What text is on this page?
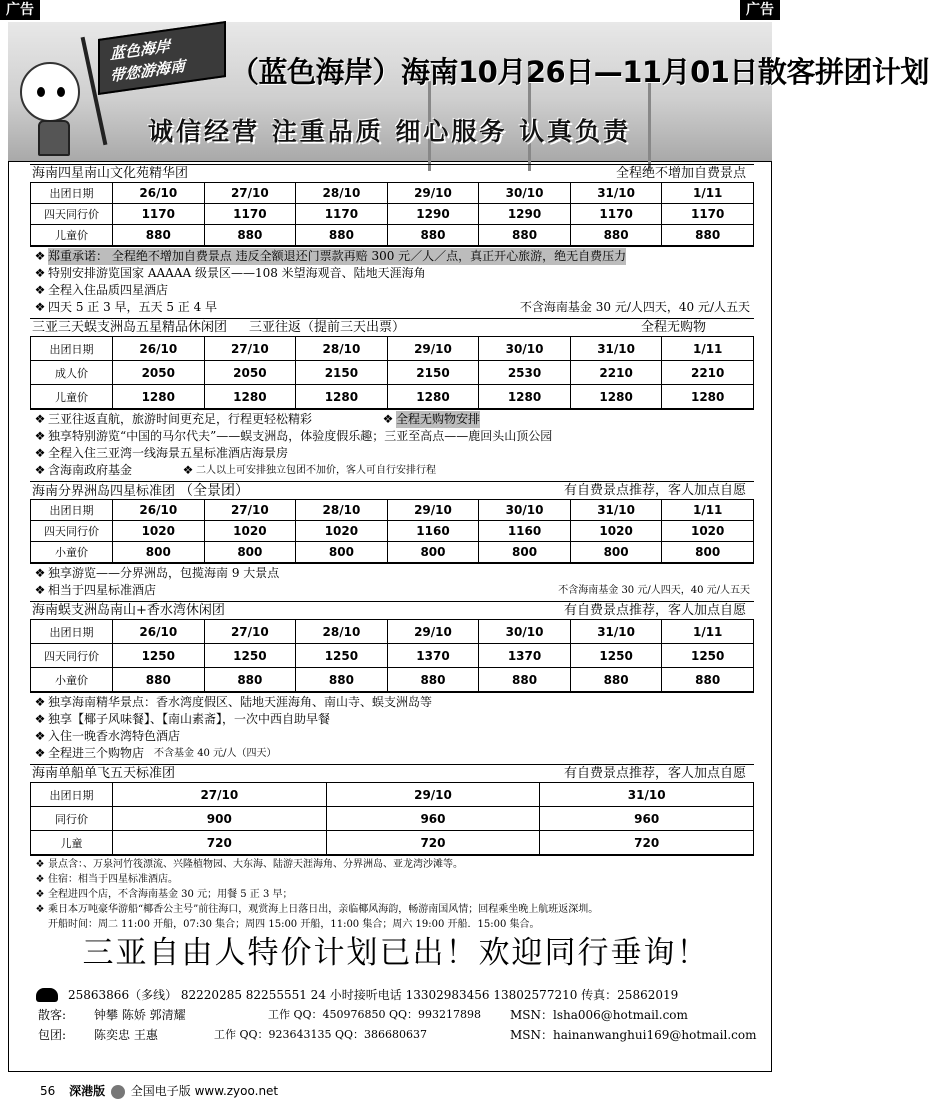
广告	广告
蓝色海岸
带您游海南	（蓝色海岸）海南10月26日—11月01日散客拼团计划
诚信经营 注重品质 细心服务 认真负责
海南四星南山文化苑精华团	全程绝不增加自费景点
出团日期	26/10	27/10	28/10	29/10	30/10	31/10	1/11
四天同行价	1170	1170	1170	1290	1290	1170	1170
儿童价	880	880	880	880	880	880	880
❖ 郑重承诺： 全程绝不增加自费景点 违反全额退还门票款再赔 300 元／人／点，真正开心旅游，绝无自费压力
❖ 特别安排游览国家 AAAAA 级景区——108 米望海观音、陆地天涯海角
❖ 全程入住品质四星酒店
❖ 四天 5 正 3 早，五天 5 正 4 早	不含海南基金 30 元/人四天，40 元/人五天
三亚三天蜈支洲岛五星精品休闲团 三亚往返（提前三天出票）	全程无购物
出团日期	26/10	27/10	28/10	29/10	30/10	31/10	1/11
成人价	2050	2050	2150	2150	2530	2210	2210
儿童价	1280	1280	1280	1280	1280	1280	1280
❖ 三亚往返直航，旅游时间更充足，行程更轻松精彩	❖ 全程无购物安排
❖ 独享特别游览“中国的马尔代夫”——蜈支洲岛，体验度假乐趣；三亚至高点——鹿回头山顶公园
❖ 全程入住三亚湾一线海景五星标准酒店海景房
❖ 含海南政府基金	❖ 二人以上可安排独立包团不加价，客人可自行安排行程
海南分界洲岛四星标准团 （全景团）	有自费景点推荐，客人加点自愿
出团日期	26/10	27/10	28/10	29/10	30/10	31/10	1/11
四天同行价	1020	1020	1020	1160	1160	1020	1020
小童价	800	800	800	800	800	800	800
❖ 独享游览——分界洲岛，包揽海南 9 大景点
❖ 相当于四星标准酒店	不含海南基金 30 元/人四天，40 元/人五天
海南蜈支洲岛南山+香水湾休闲团	有自费景点推荐，客人加点自愿
出团日期	26/10	27/10	28/10	29/10	30/10	31/10	1/11
四天同行价	1250	1250	1250	1370	1370	1250	1250
小童价	880	880	880	880	880	880	880
❖ 独享海南精华景点：香水湾度假区、陆地天涯海角、南山寺、蜈支洲岛等
❖ 独享【椰子风味餐】、【南山素斋】，一次中西自助早餐
❖ 入住一晚香水湾特色酒店
❖ 全程进三个购物店 不含基金 40 元/人（四天）
海南单船单飞五天标准团	有自费景点推荐，客人加点自愿
出团日期	27/10	29/10	31/10
同行价	900	960	960
儿童	720	720	720
❖ 景点含：、万泉河竹筏漂流、兴隆植物园、大东海、陆游天涯海角、分界洲岛、亚龙湾沙滩等。
❖ 住宿：相当于四星标准酒店。
❖ 全程进四个店，不含海南基金 30 元；用餐 5 正 3 早；
❖ 乘日本万吨豪华游船“椰香公主号”前往海口，观赏海上日落日出，亲临椰风海韵，畅游南国风情；回程乘坐晚上航班返深圳。
开船时间：周二 11:00 开船，07:30 集合；周四 15:00 开船，11:00 集合；周六 19:00 开船．15:00 集合。
三亚自由人特价计划已出！欢迎同行垂询！
25863866（多线） 82220285 82255551 24 小时接听电话 13302983456 13802577210 传真：25862019
散客: 钟攀 陈娇 郭清耀	工作 QQ：450976850 QQ：993217898 MSN：lsha006@hotmail.com
包团: 陈奕忠 王惠	工作 QQ：923643135 QQ：386680637	MSN：hainanwanghui169@hotmail.com
56 深港版 全国电子版 www.zyoo.net
